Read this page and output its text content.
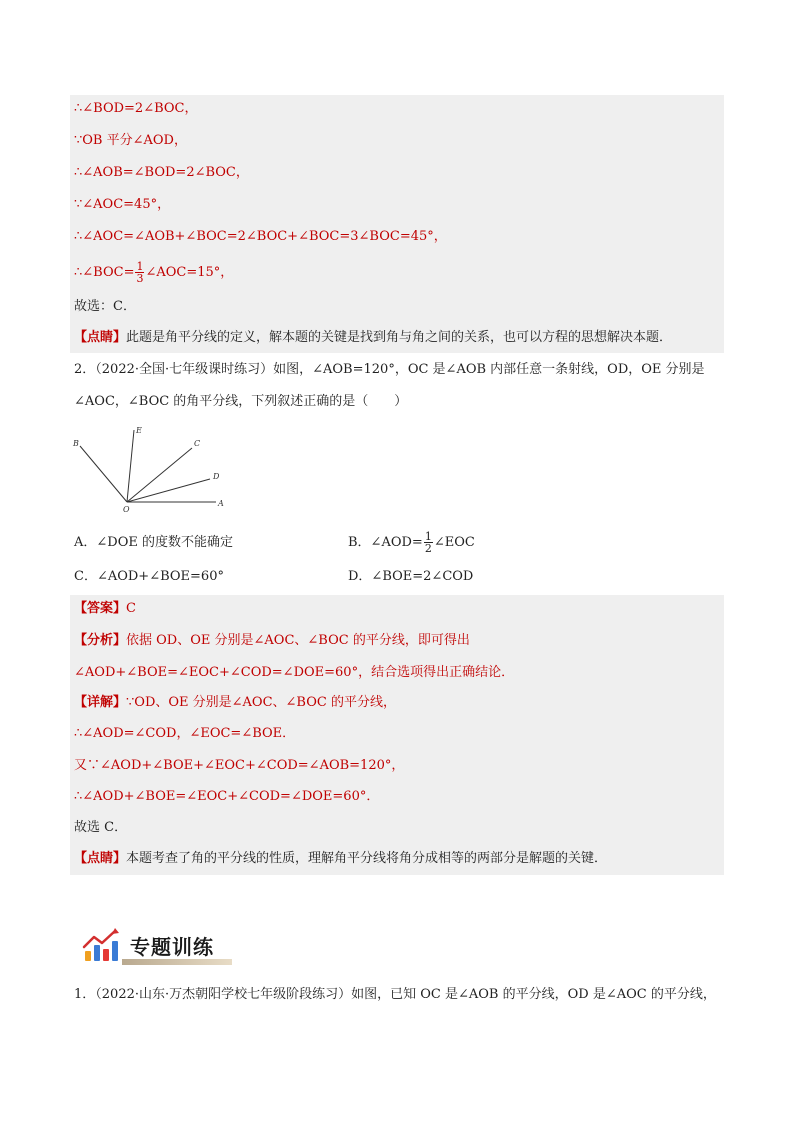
∴∠BOD=2∠BOC，
∵OB 平分∠AOD，
∴∠AOB=∠BOD=2∠BOC，
∵∠AOC=45°，
∴∠AOC=∠AOB+∠BOC=2∠BOC+∠BOC=3∠BOC=45°，
∴∠BOC= $\frac{1}{3}$ ∠AOC=15°，
故选：C．
【点睛】此题是角平分线的定义，解本题的关键是找到角与角之间的关系，也可以方程的思想解决本题．
2．（2022·全国·七年级课时练习）如图，∠AOB=120°，OC 是∠AOB 内部任意一条射线，OD，OE 分别是
∠AOC，∠BOC 的角平分线，下列叙述正确的是（　　）
B
E
C
D
O
A
A．∠DOE 的度数不能确定	B．∠AOD= $\frac{1}{2}$ ∠EOC
C．∠AOD+∠BOE=60°	D．∠BOE=2∠COD
【答案】C
【分析】依据 OD、OE 分别是∠AOC、∠BOC 的平分线，即可得出
∠AOD+∠BOE=∠EOC+∠COD=∠DOE=60°，结合选项得出正确结论．
【详解】∵OD、OE 分别是∠AOC、∠BOC 的平分线，
∴∠AOD=∠COD，∠EOC=∠BOE．
又∵∠AOD+∠BOE+∠EOC+∠COD=∠AOB=120°，
∴∠AOD+∠BOE=∠EOC+∠COD=∠DOE=60°．
故选 C．
【点睛】本题考查了角的平分线的性质，理解角平分线将角分成相等的两部分是解题的关键．
专题训练
1．（2022·山东·万杰朝阳学校七年级阶段练习）如图，已知 OC 是∠AOB 的平分线，OD 是∠AOC 的平分线，
